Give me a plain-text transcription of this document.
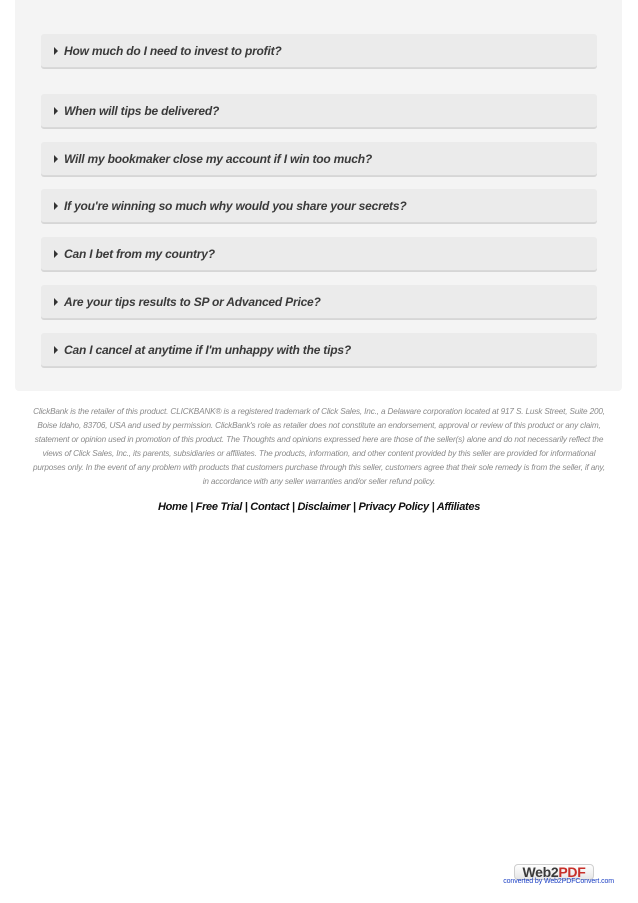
How much do I need to invest to profit?
When will tips be delivered?
Will my bookmaker close my account if I win too much?
If you're winning so much why would you share your secrets?
Can I bet from my country?
Are your tips results to SP or Advanced Price?
Can I cancel at anytime if I'm unhappy with the tips?

ClickBank is the retailer of this product. CLICKBANK® is a registered trademark of Click Sales, Inc., a Delaware corporation located at 917 S. Lusk Street, Suite 200, Boise Idaho, 83706, USA and used by permission. ClickBank's role as retailer does not constitute an endorsement, approval or review of this product or any claim, statement or opinion used in promotion of this product. The Thoughts and opinions expressed here are those of the seller(s) alone and do not necessarily reflect the views of Click Sales, Inc., its parents, subsidiaries or affiliates. The products, information, and other content provided by this seller are provided for informational purposes only. In the event of any problem with products that customers purchase through this seller, customers agree that their sole remedy is from the seller, if any, in accordance with any seller warranties and/or seller refund policy.

Home | Free Trial | Contact | Disclaimer | Privacy Policy | Affiliates
Web2PDF
converted by Web2PDFConvert.com
